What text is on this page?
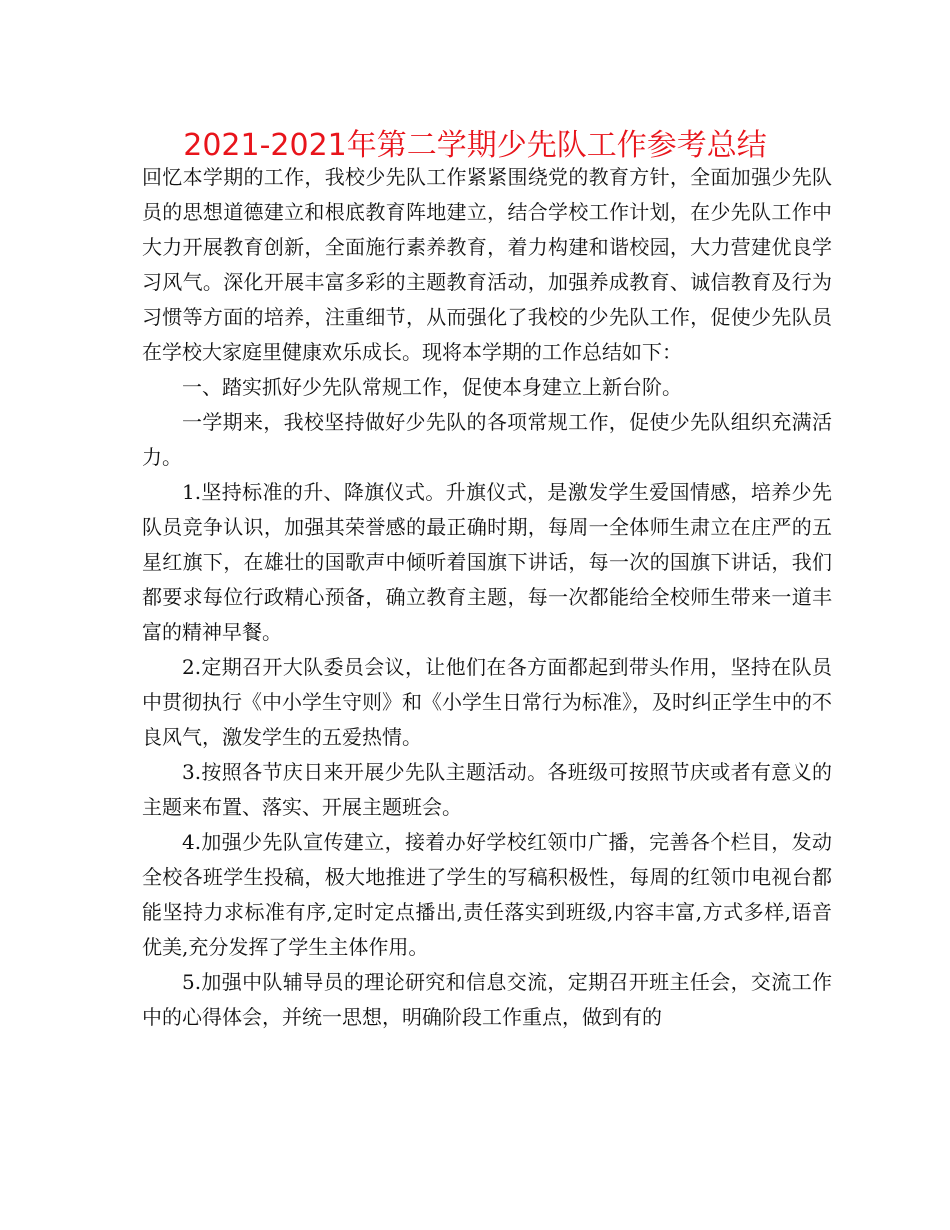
2021-2021年第二学期少先队工作参考总结

回忆本学期的工作，我校少先队工作紧紧围绕党的教育方针，全面加强少先队员的思想道德建立和根底教育阵地建立，结合学校工作计划，在少先队工作中大力开展教育创新，全面施行素养教育，着力构建和谐校园，大力营建优良学习风气。深化开展丰富多彩的主题教育活动，加强养成教育、诚信教育及行为习惯等方面的培养，注重细节，从而强化了我校的少先队工作，促使少先队员在学校大家庭里健康欢乐成长。现将本学期的工作总结如下：

一、踏实抓好少先队常规工作，促使本身建立上新台阶。

一学期来，我校坚持做好少先队的各项常规工作，促使少先队组织充满活力。

1.坚持标准的升、降旗仪式。升旗仪式，是激发学生爱国情感，培养少先队员竞争认识，加强其荣誉感的最正确时期，每周一全体师生肃立在庄严的五星红旗下，在雄壮的国歌声中倾听着国旗下讲话，每一次的国旗下讲话，我们都要求每位行政精心预备，确立教育主题，每一次都能给全校师生带来一道丰富的精神早餐。

2.定期召开大队委员会议，让他们在各方面都起到带头作用，坚持在队员中贯彻执行《中小学生守则》和《小学生日常行为标准》，及时纠正学生中的不良风气，激发学生的五爱热情。

3.按照各节庆日来开展少先队主题活动。各班级可按照节庆或者有意义的主题来布置、落实、开展主题班会。

4.加强少先队宣传建立，接着办好学校红领巾广播，完善各个栏目，发动全校各班学生投稿，极大地推进了学生的写稿积极性，每周的红领巾电视台都能坚持力求标准有序,定时定点播出,责任落实到班级,内容丰富,方式多样,语音优美,充分发挥了学生主体作用。

5.加强中队辅导员的理论研究和信息交流，定期召开班主任会，交流工作中的心得体会，并统一思想，明确阶段工作重点，做到有的
